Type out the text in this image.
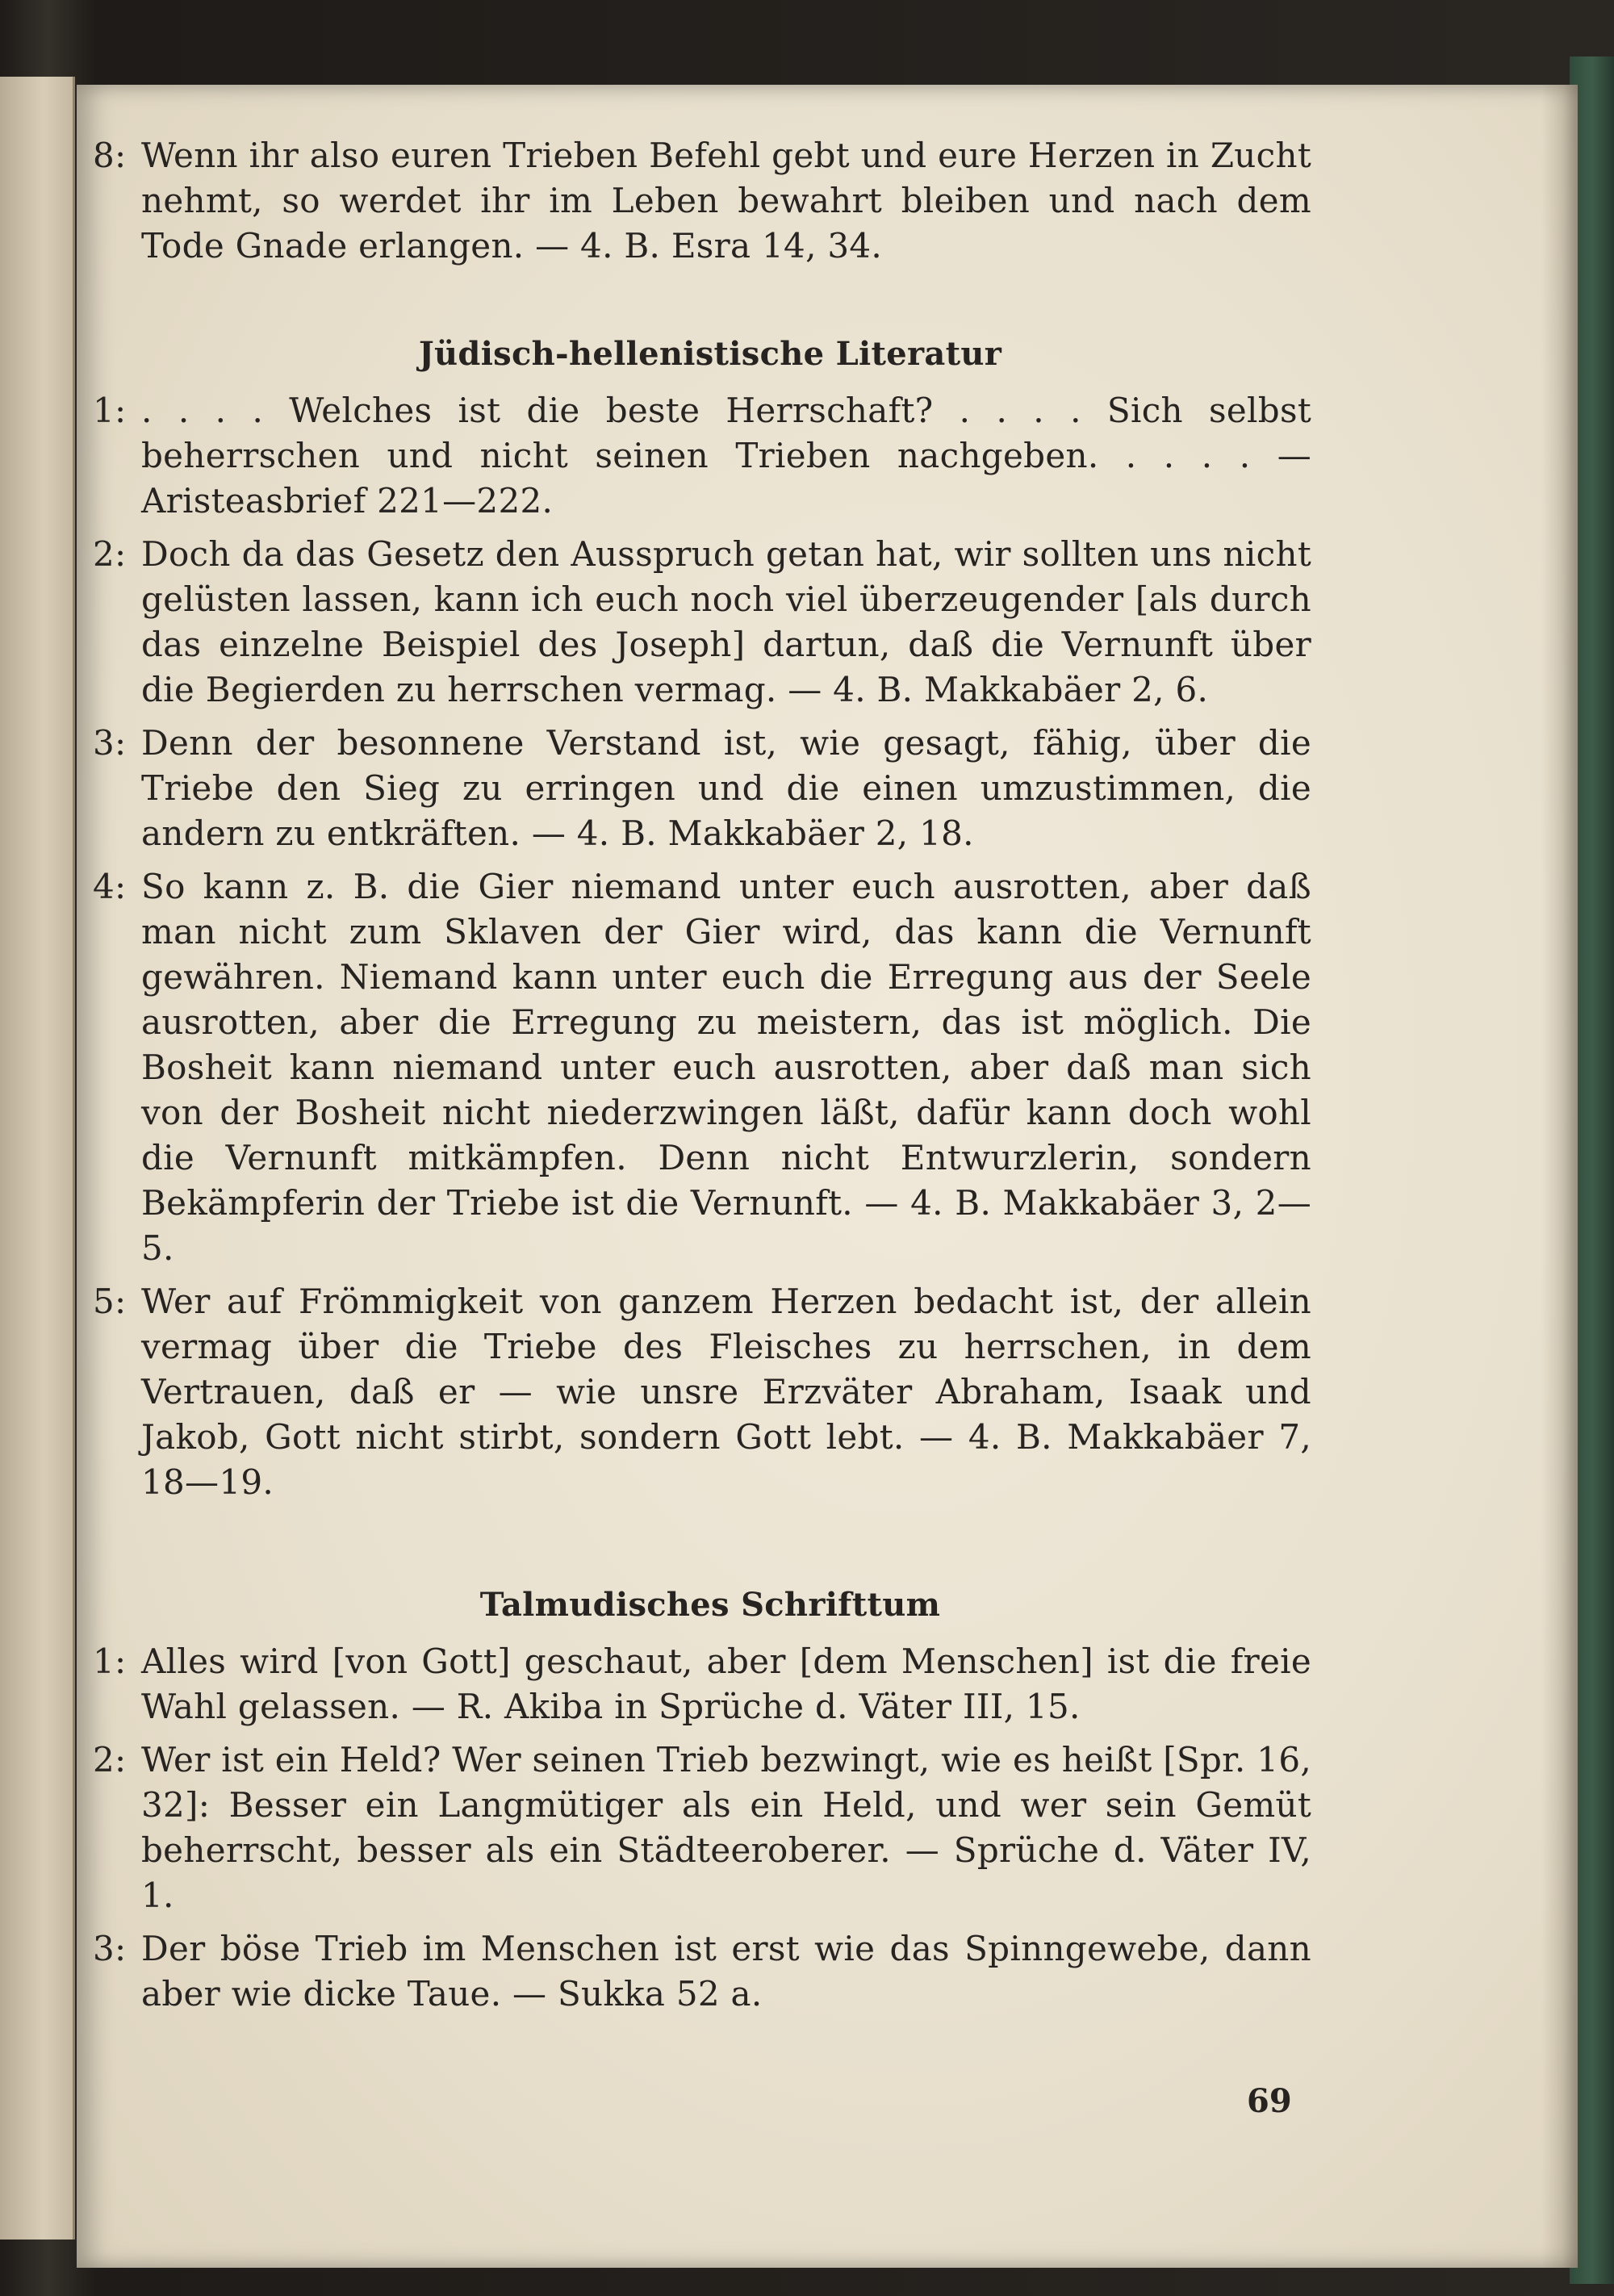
8: Wenn ihr also euren Trieben Befehl gebt und eure Herzen in Zucht nehmt, so werdet ihr im Leben bewahrt bleiben und nach dem Tode Gnade erlangen. — 4. B. Esra 14, 34.
Jüdisch-hellenistische Literatur
1: . . . . Welches ist die beste Herrschaft? . . . . Sich selbst beherrschen und nicht seinen Trieben nachgeben. . . . . — Aristeasbrief 221—222.
2: Doch da das Gesetz den Ausspruch getan hat, wir sollten uns nicht gelüsten lassen, kann ich euch noch viel überzeugender [als durch das einzelne Beispiel des Joseph] dartun, daß die Vernunft über die Begierden zu herrschen vermag. — 4. B. Makkabäer 2, 6.
3: Denn der besonnene Verstand ist, wie gesagt, fähig, über die Triebe den Sieg zu erringen und die einen umzustimmen, die andern zu entkräften. — 4. B. Makkabäer 2, 18.
4: So kann z. B. die Gier niemand unter euch ausrotten, aber daß man nicht zum Sklaven der Gier wird, das kann die Vernunft gewähren. Niemand kann unter euch die Erregung aus der Seele ausrotten, aber die Erregung zu meistern, das ist möglich. Die Bosheit kann niemand unter euch ausrotten, aber daß man sich von der Bosheit nicht niederzwingen läßt, dafür kann doch wohl die Vernunft mitkämpfen. Denn nicht Entwurzlerin, sondern Bekämpferin der Triebe ist die Vernunft. — 4. B. Makkabäer 3, 2—5.
5: Wer auf Frömmigkeit von ganzem Herzen bedacht ist, der allein vermag über die Triebe des Fleisches zu herrschen, in dem Vertrauen, daß er — wie unsre Erzväter Abraham, Isaak und Jakob, Gott nicht stirbt, sondern Gott lebt. — 4. B. Makkabäer 7, 18—19.
Talmudisches Schrifttum
1: Alles wird [von Gott] geschaut, aber [dem Menschen] ist die freie Wahl gelassen. — R. Akiba in Sprüche d. Väter III, 15.
2: Wer ist ein Held? Wer seinen Trieb bezwingt, wie es heißt [Spr. 16, 32]: Besser ein Langmütiger als ein Held, und wer sein Gemüt beherrscht, besser als ein Städteeroberer. — Sprüche d. Väter IV, 1.
3: Der böse Trieb im Menschen ist erst wie das Spinngewebe, dann aber wie dicke Taue. — Sukka 52 a.
69
